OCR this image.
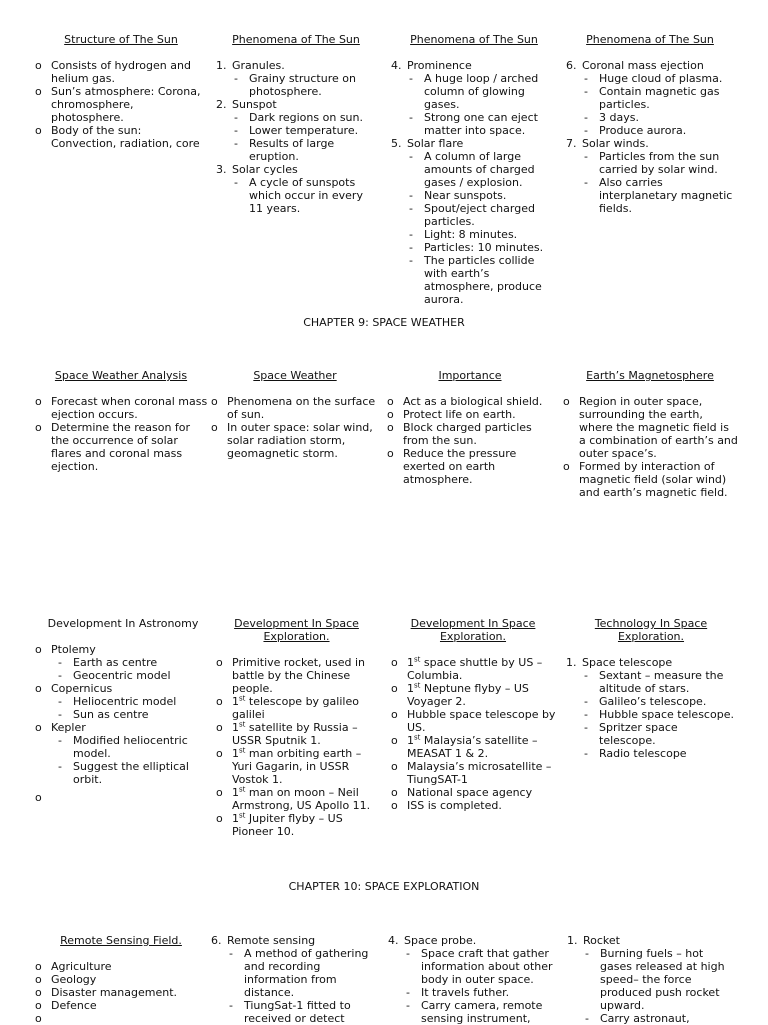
Structure of The Sun
o Consists of hydrogen and helium gas.
o Sun’s atmosphere: Corona, chromosphere, photosphere.
o Body of the sun: Convection, radiation, core
Phenomena of The Sun
1. Granules.
- Grainy structure on photosphere.
2. Sunspot
- Dark regions on sun.
- Lower temperature.
- Results of large eruption.
3. Solar cycles
- A cycle of sunspots which occur in every 11 years.
Phenomena of The Sun
4. Prominence
- A huge loop / arched column of glowing gases.
- Strong one can eject matter into space.
5. Solar flare
- A column of large amounts of charged gases / explosion.
- Near sunspots.
- Spout/eject charged particles.
- Light: 8 minutes.
- Particles: 10 minutes.
- The particles collide with earth’s atmosphere, produce aurora.
Phenomena of The Sun
6. Coronal mass ejection
- Huge cloud of plasma.
- Contain magnetic gas particles.
- 3 days.
- Produce aurora.
7. Solar winds.
- Particles from the sun carried by solar wind.
- Also carries interplanetary magnetic fields.
CHAPTER 9: SPACE WEATHER
Space Weather Analysis
o Forecast when coronal mass ejection occurs.
o Determine the reason for the occurrence of solar flares and coronal mass ejection.
Space Weather
o Phenomena on the surface of sun.
o In outer space: solar wind, solar radiation storm, geomagnetic storm.
Importance
o Act as a biological shield.
o Protect life on earth.
o Block charged particles from the sun.
o Reduce the pressure exerted on earth atmosphere.
Earth’s Magnetosphere
o Region in outer space, surrounding the earth, where the magnetic field is a combination of earth’s and outer space’s.
o Formed by interaction of magnetic field (solar wind) and earth’s magnetic field.
Development In Astronomy
o Ptolemy
- Earth as centre
- Geocentric model
o Copernicus
- Heliocentric model
- Sun as centre
o Kepler
- Modified heliocentric model.
- Suggest the elliptical orbit.
o
Development In Space Exploration.
o Primitive rocket, used in battle by the Chinese people.
o 1st telescope by galileo galilei
o 1st satellite by Russia – USSR Sputnik 1.
o 1st man orbiting earth – Yuri Gagarin, in USSR Vostok 1.
o 1st man on moon – Neil Armstrong, US Apollo 11.
o 1st Jupiter flyby – US Pioneer 10.
Development In Space Exploration.
o 1st space shuttle by US – Columbia.
o 1st Neptune flyby – US Voyager 2.
o Hubble space telescope by US.
o 1st Malaysia’s satellite – MEASAT 1 & 2.
o Malaysia’s microsatellite – TiungSAT-1
o National space agency
o ISS is completed.
Technology In Space Exploration.
1. Space telescope
- Sextant – measure the altitude of stars.
- Galileo’s telescope.
- Hubble space telescope.
- Spritzer space telescope.
- Radio telescope
CHAPTER 10: SPACE EXPLORATION
Remote Sensing Field.
o Agriculture
o Geology
o Disaster management.
o Defence
o
6. Remote sensing
- A method of gathering and recording information from distance.
- TiungSat-1 fitted to received or detect
4. Space probe.
- Space craft that gather information about other body in outer space.
- It travels futher.
- Carry camera, remote sensing instrument,
1. Rocket
- Burning fuels – hot gases released at high speed– the force produced push rocket upward.
- Carry astronaut,
